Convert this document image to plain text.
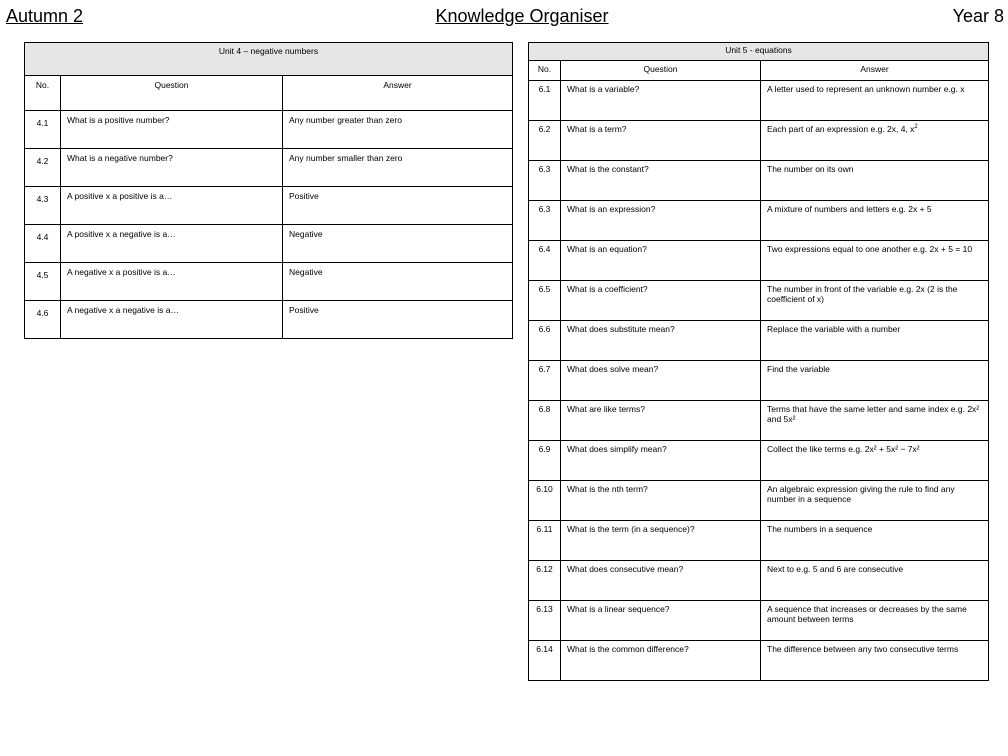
Autumn 2	Knowledge Organiser	Year 8
Unit 4 – negative numbers		
No.	Question	Answer
4.1	What is a positive number?	Any number greater than zero
4.2	What is a negative number?	Any number smaller than zero
4.3	A positive x a positive is a…	Positive
4.4	A positive x a negative is a…	Negative
4.5	A negative x a positive is a…	Negative
4.6	A negative x a negative is a…	Positive
Unit 5 - equations		
No.	Question	Answer
6.1	What is a variable?	A letter used to represent an unknown number e.g. x
6.2	What is a term?	Each part of an expression e.g. 2x, 4, $x^2$
6.3	What is the constant?	The number on its own
6.3	What is an expression?	A mixture of numbers and letters e.g. 2x + 5
6.4	What is an equation?	Two expressions equal to one another e.g. 2x + 5 = 10
6.5	What is a coefficient?	The number in front of the variable e.g. 2x (2 is the coefficient of x)
6.6	What does substitute mean?	Replace the variable with a number
6.7	What does solve mean?	Find the variable
6.8	What are like terms?	Terms that have the same letter and same index e.g. 2x² and 5x²
6.9	What does simplify mean?	Collect the like terms e.g. 2x² + 5x² − 7x²
6.10	What is the nth term?	An algebraic expression giving the rule to find any number in a sequence
6.11	What is the term (in a sequence)?	The numbers in a sequence
6.12	What does consecutive mean?	Next to e.g. 5 and 6 are consecutive
6.13	What is a linear sequence?	A sequence that increases or decreases by the same amount between terms
6.14	What is the common difference?	The difference between any two consecutive terms
